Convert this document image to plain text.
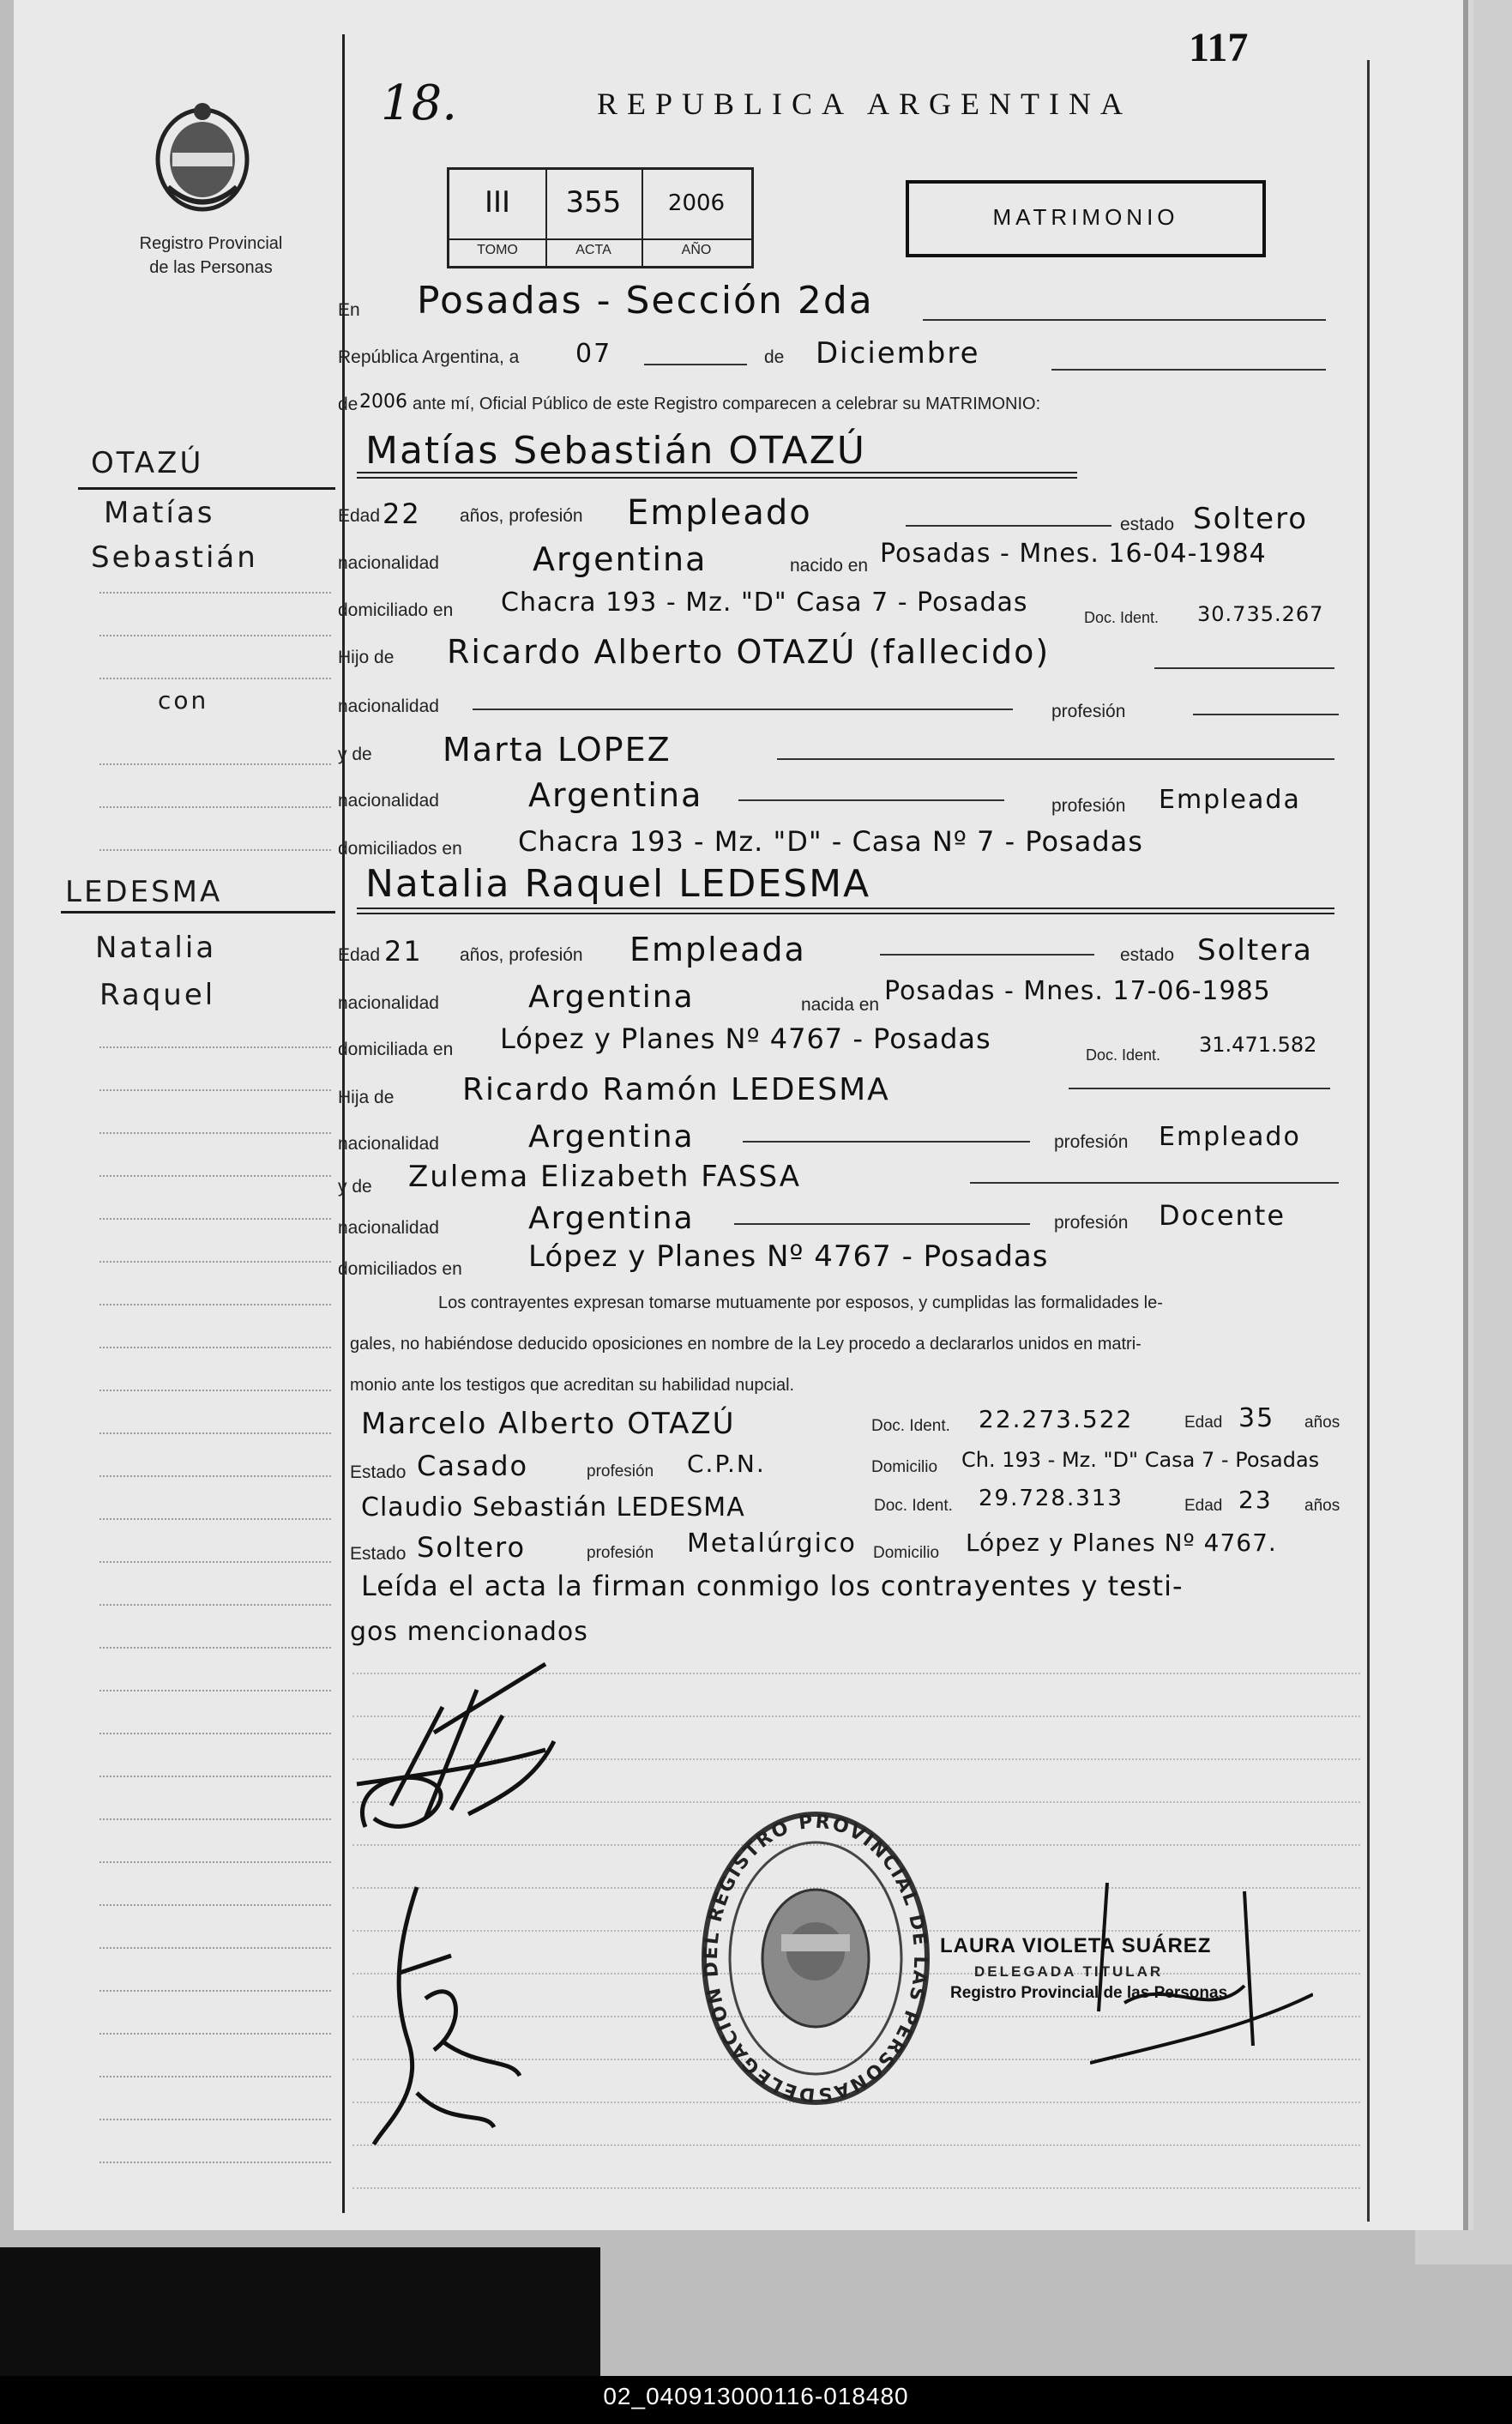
Registro Provincial
de las Personas
OTAZÚ
Matías
Sebastián
con
LEDESMA
Natalia
Raquel
117
18.	REPUBLICA ARGENTINA
III
TOMO
355
ACTA
2006
AÑO
MATRIMONIO
En Posadas - Sección 2da
República Argentina, a 07	de Diciembre
de 2006 ante mí, Oficial Público de este Registro comparecen a celebrar su MATRIMONIO:
Matías Sebastián OTAZÚ
Edad 22 años, profesión Empleado	estado Soltero
nacionalidad	Argentina	nacido en Posadas - Mnes. 16-04-1984
domiciliado en Chacra 193 - Mz. "D" Casa 7 - Posadas	Doc. Ident. 30.735.267
Hijo de Ricardo Alberto OTAZÚ (fallecido)
nacionalidad	profesión
y de Marta LOPEZ
nacionalidad	Argentina	profesión Empleada
domiciliados en Chacra 193 - Mz. "D" - Casa Nº 7 - Posadas
Natalia Raquel LEDESMA
Edad 21 años, profesión Empleada	estado Soltera
nacionalidad	Argentina	nacida en Posadas - Mnes. 17-06-1985
domiciliada en López y Planes Nº 4767 - Posadas	Doc. Ident. 31.471.582
Hija de Ricardo Ramón LEDESMA
nacionalidad	Argentina	profesión Empleado
y de Zulema Elizabeth FASSA
nacionalidad	Argentina	profesión Docente
domiciliados en López y Planes Nº 4767 - Posadas
Los contrayentes expresan tomarse mutuamente por esposos, y cumplidas las formalidades le-
gales, no habiéndose deducido oposiciones en nombre de la Ley procedo a declararlos unidos en matri-
monio ante los testigos que acreditan su habilidad nupcial.
Marcelo Alberto OTAZÚ	Doc. Ident. 22.273.522	Edad 35 años
Estado Casado	profesión C.P.N.	Domicilio Ch. 193 - Mz. "D" Casa 7 - Posadas
Claudio Sebastián LEDESMA	Doc. Ident. 29.728.313	Edad 23 años
Estado Soltero	profesión Metalúrgico Domicilio López y Planes Nº 4767.
Leída el acta la firman conmigo los contrayentes y testi-
gos mencionados
DELEGACION DEL REGISTRO PROVINCIAL DE LAS PERSONAS
LAURA VIOLETA SUÁREZ
DELEGADA TITULAR
Registro Provincial de las Personas
02_040913000116-018480
